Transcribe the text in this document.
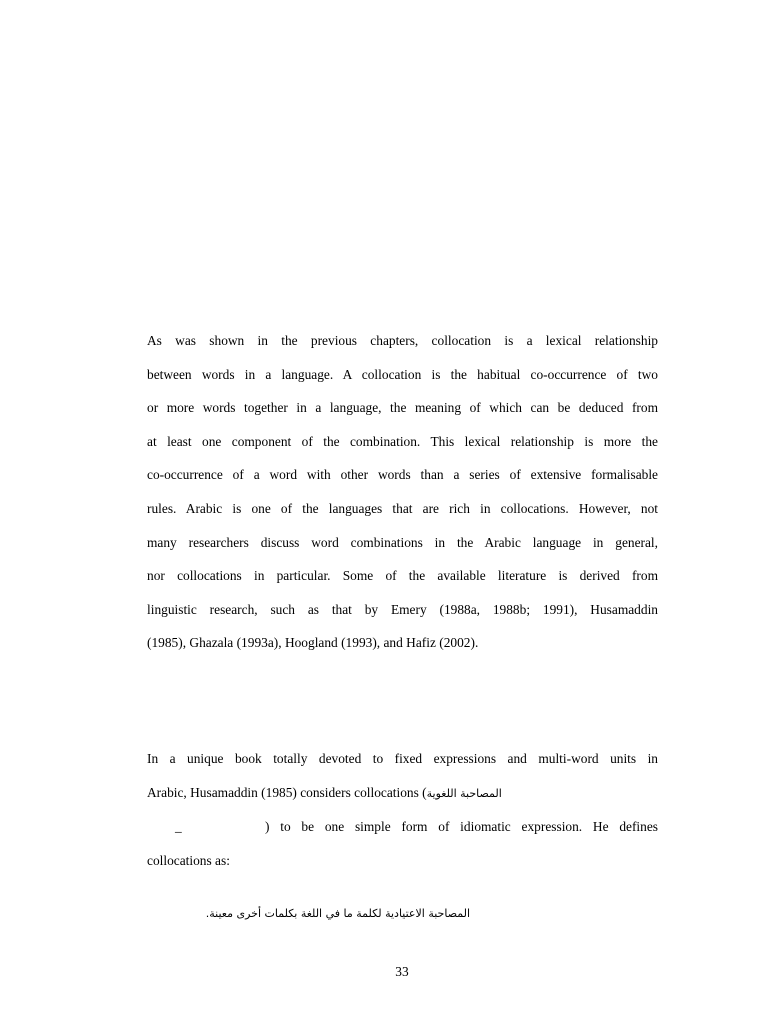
As was shown in the previous chapters, collocation is a lexical relationship
between words in a language. A collocation is the habitual co-occurrence of two
or more words together in a language, the meaning of which can be deduced from
at least one component of the combination. This lexical relationship is more the
co-occurrence of a word with other words than a series of extensive formalisable
rules. Arabic is one of the languages that are rich in collocations. However, not
many researchers discuss word combinations in the Arabic language in general,
nor collocations in particular. Some of the available literature is derived from
linguistic research, such as that by Emery (1988a, 1988b; 1991), Husamaddin
(1985), Ghazala (1993a), Hoogland (1993), and Hafiz (2002).
In a unique book totally devoted to fixed expressions and multi-word units in
Arabic, Husamaddin (1985) considers collocations (المصاحبة اللغوية
_	) to be one simple form of idiomatic expression. He defines
collocations as:
المصاحبة الاعتيادية لكلمة ما في اللغة بكلمات أخرى معينة.
33
